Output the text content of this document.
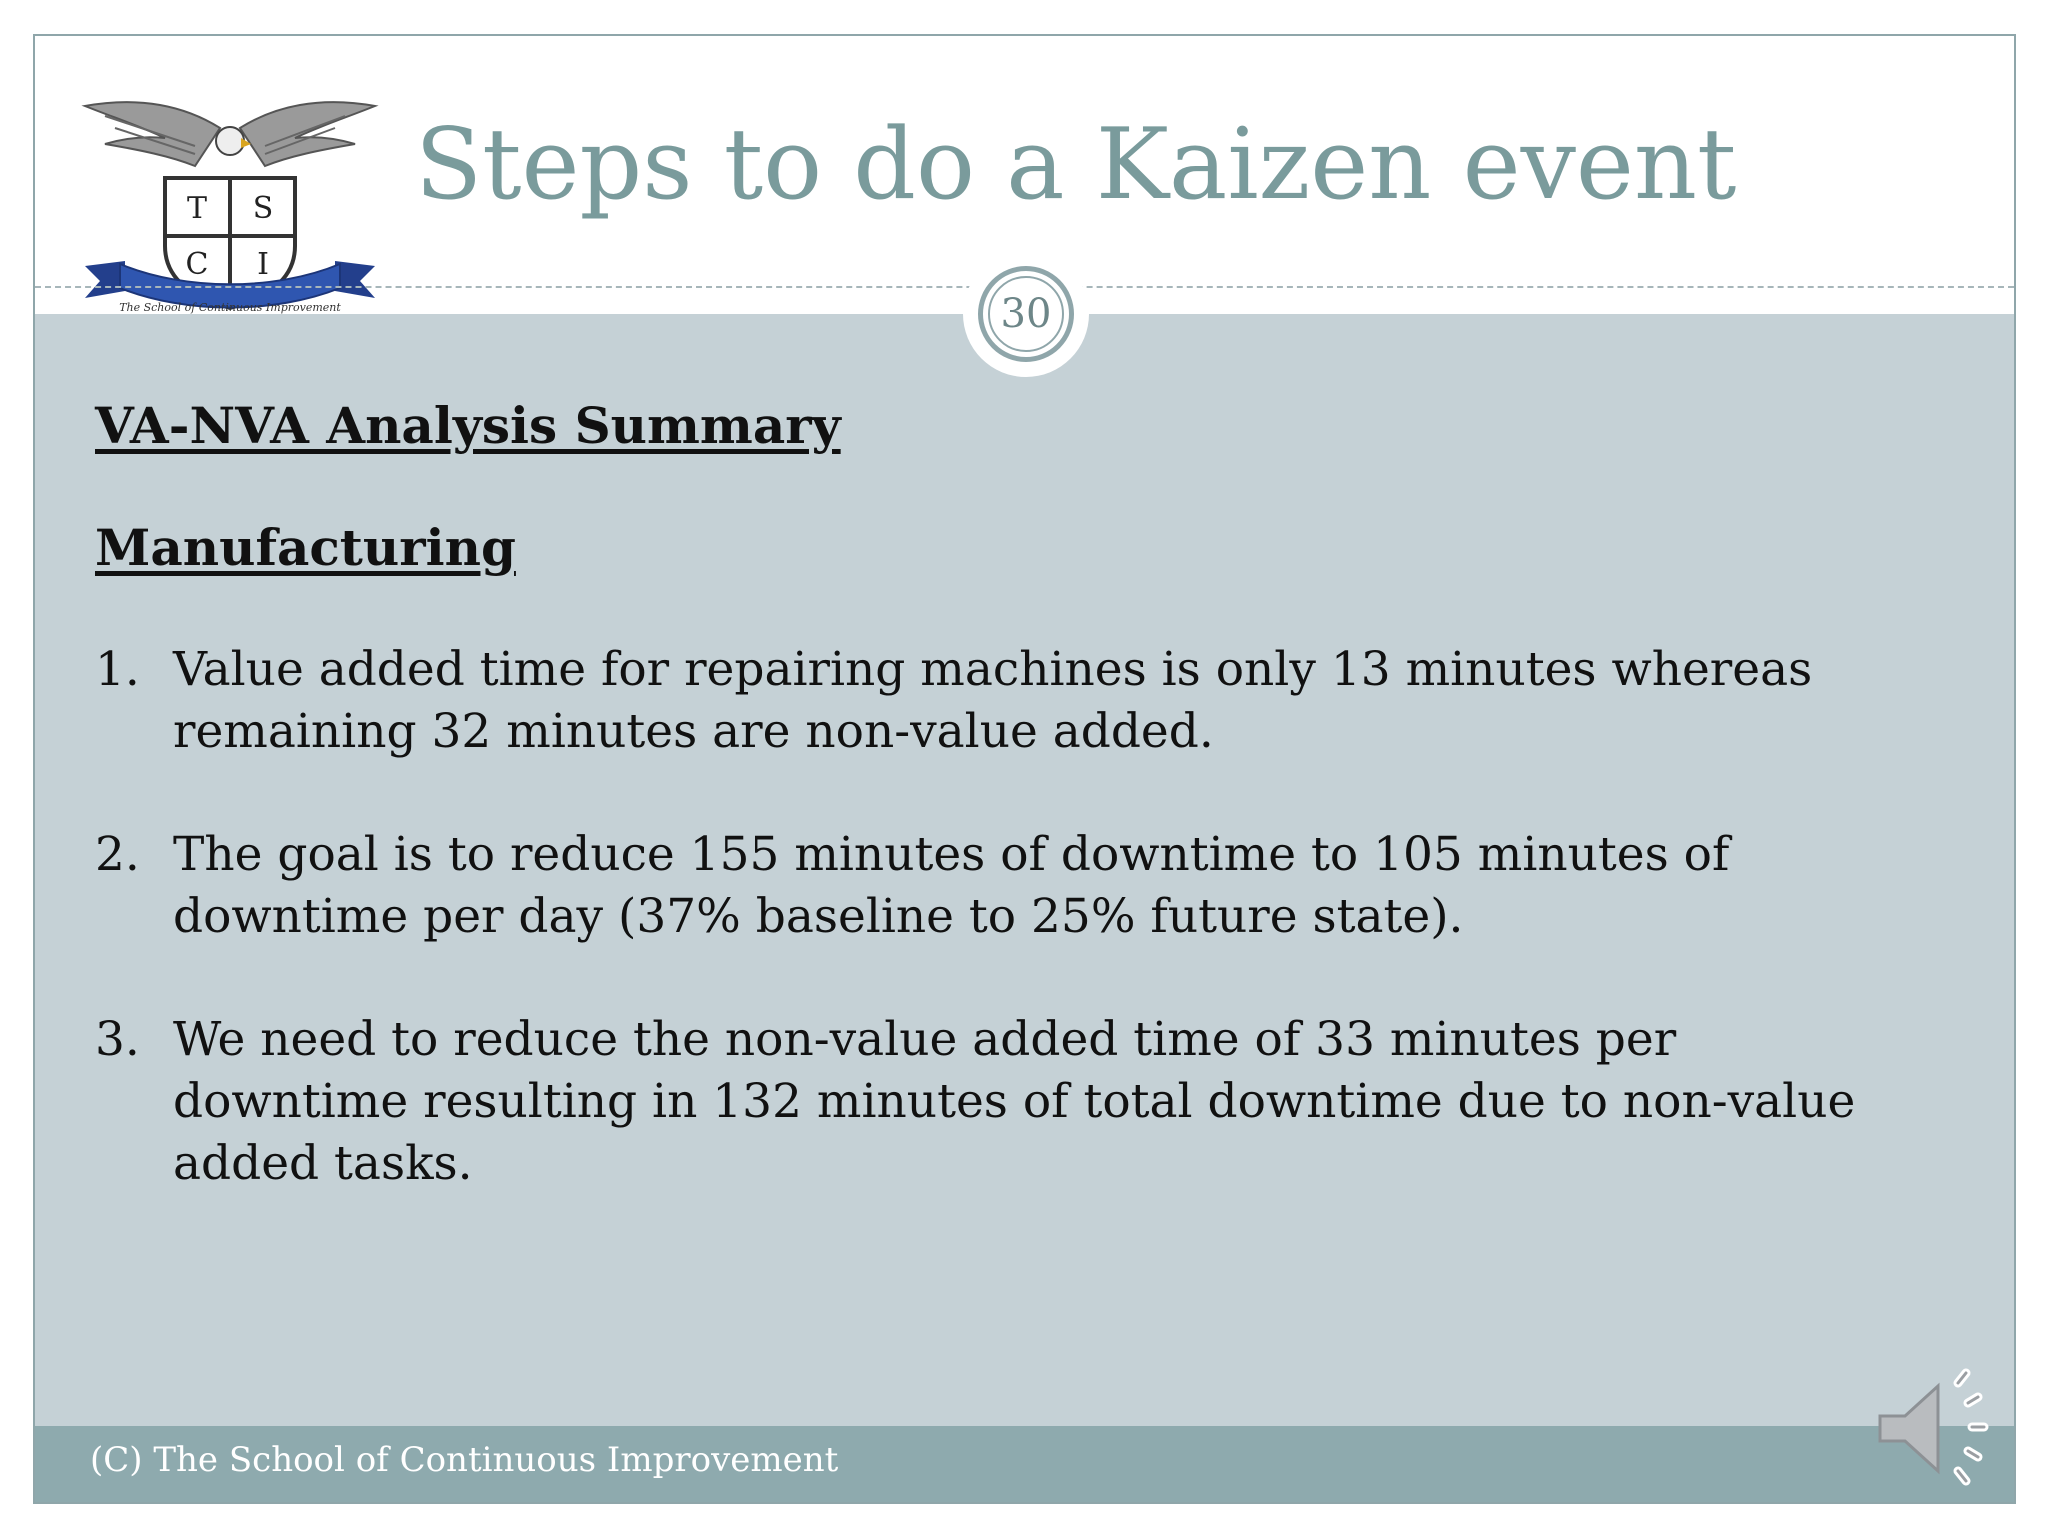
T S
C I
The School of Continuous Improvement
Steps to do a Kaizen event
30
VA-NVA Analysis Summary
Manufacturing
1. Value added time for repairing machines is only 13 minutes whereas remaining 32 minutes are non-value added.
2. The goal is to reduce 155 minutes of downtime to 105 minutes of downtime per day (37% baseline to 25% future state).
3. We need to reduce the non-value added time of 33 minutes per downtime resulting in 132 minutes of total downtime due to non-value added tasks.
(C) The School of Continuous Improvement
